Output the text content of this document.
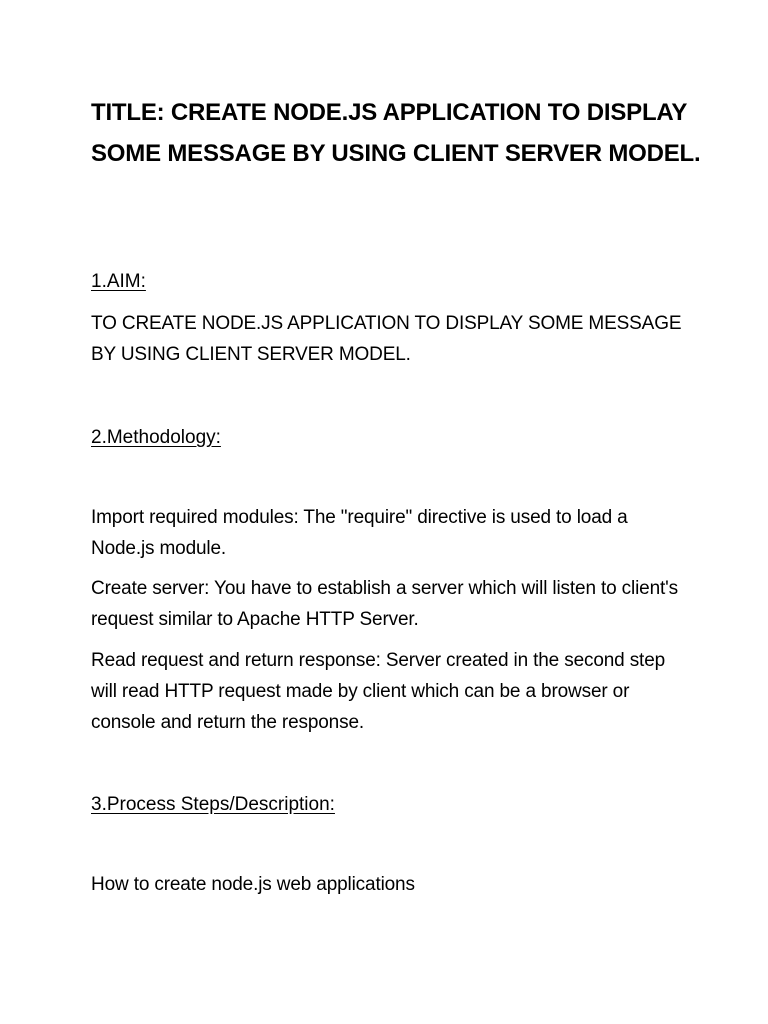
TITLE: CREATE NODE.JS APPLICATION TO DISPLAY SOME MESSAGE BY USING CLIENT SERVER MODEL.

1.AIM:

TO CREATE NODE.JS APPLICATION TO DISPLAY SOME MESSAGE BY USING CLIENT SERVER MODEL.

2.Methodology:

Import required modules: The "require" directive is used to load a Node.js module.

Create server: You have to establish a server which will listen to client's request similar to Apache HTTP Server.

Read request and return response: Server created in the second step will read HTTP request made by client which can be a browser or console and return the response.

3.Process Steps/Description:

How to create node.js web applications
